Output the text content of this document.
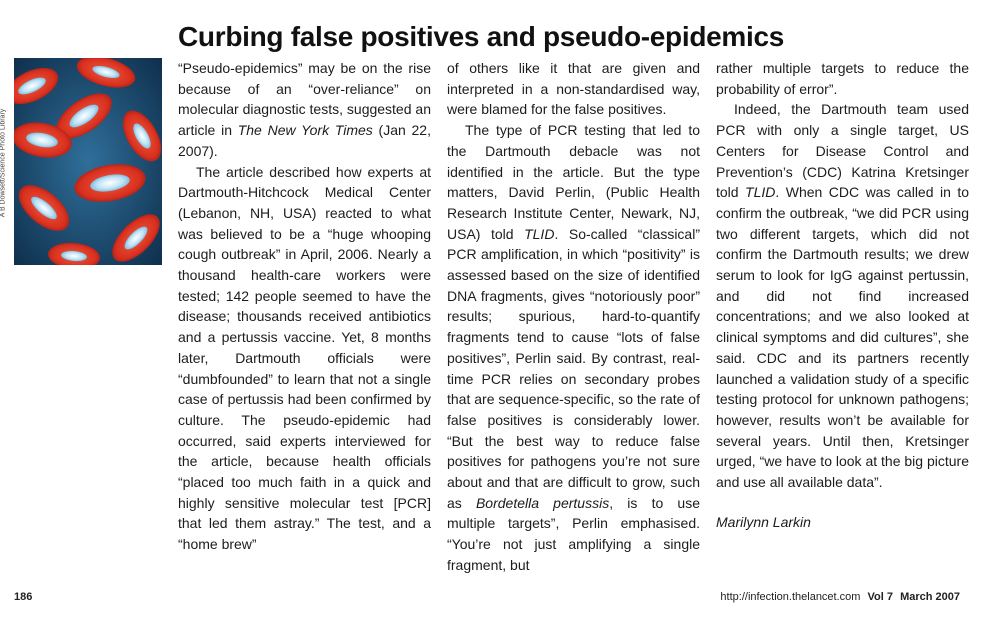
Curbing false positives and pseudo-epidemics
A B Dowsett/Science Photo Library

“Pseudo-epidemics” may be on the rise because of an “over-reliance” on molecular diagnostic tests, suggested an article in The New York Times (Jan 22, 2007).

The article described how experts at Dartmouth-Hitchcock Medical Center (Lebanon, NH, USA) reacted to what was believed to be a “huge whooping cough outbreak” in April, 2006. Nearly a thousand health-care workers were tested; 142 people seemed to have the disease; thousands received antibiotics and a pertussis vaccine. Yet, 8 months later, Dartmouth officials were “dumbfounded” to learn that not a single case of pertussis had been confirmed by culture. The pseudo-epidemic had occurred, said experts interviewed for the article, because health officials “placed too much faith in a quick and highly sensitive molecular test [PCR] that led them astray.” The test, and a “home brew”

of others like it that are given and interpreted in a non-standardised way, were blamed for the false positives.

The type of PCR testing that led to the Dartmouth debacle was not identified in the article. But the type matters, David Perlin, (Public Health Research Institute Center, Newark, NJ, USA) told TLID. So-called “classical” PCR amplification, in which “positivity” is assessed based on the size of identified DNA fragments, gives “notoriously poor” results; spurious, hard-to-quantify fragments tend to cause “lots of false positives”, Perlin said. By contrast, real-time PCR relies on secondary probes that are sequence-specific, so the rate of false positives is considerably lower. “But the best way to reduce false positives for pathogens you’re not sure about and that are difficult to grow, such as Bordetella pertussis, is to use multiple targets”, Perlin emphasised. “You’re not just amplifying a single fragment, but

rather multiple targets to reduce the probability of error”.

Indeed, the Dartmouth team used PCR with only a single target, US Centers for Disease Control and Prevention’s (CDC) Katrina Kretsinger told TLID. When CDC was called in to confirm the outbreak, “we did PCR using two different targets, which did not confirm the Dartmouth results; we drew serum to look for IgG against pertussin, and did not find increased concentrations; and we also looked at clinical symptoms and did cultures”, she said. CDC and its partners recently launched a validation study of a specific testing protocol for unknown pathogens; however, results won’t be available for several years. Until then, Kretsinger urged, “we have to look at the big picture and use all available data”.

Marilynn Larkin

186	http://infection.thelancet.com Vol 7 March 2007
